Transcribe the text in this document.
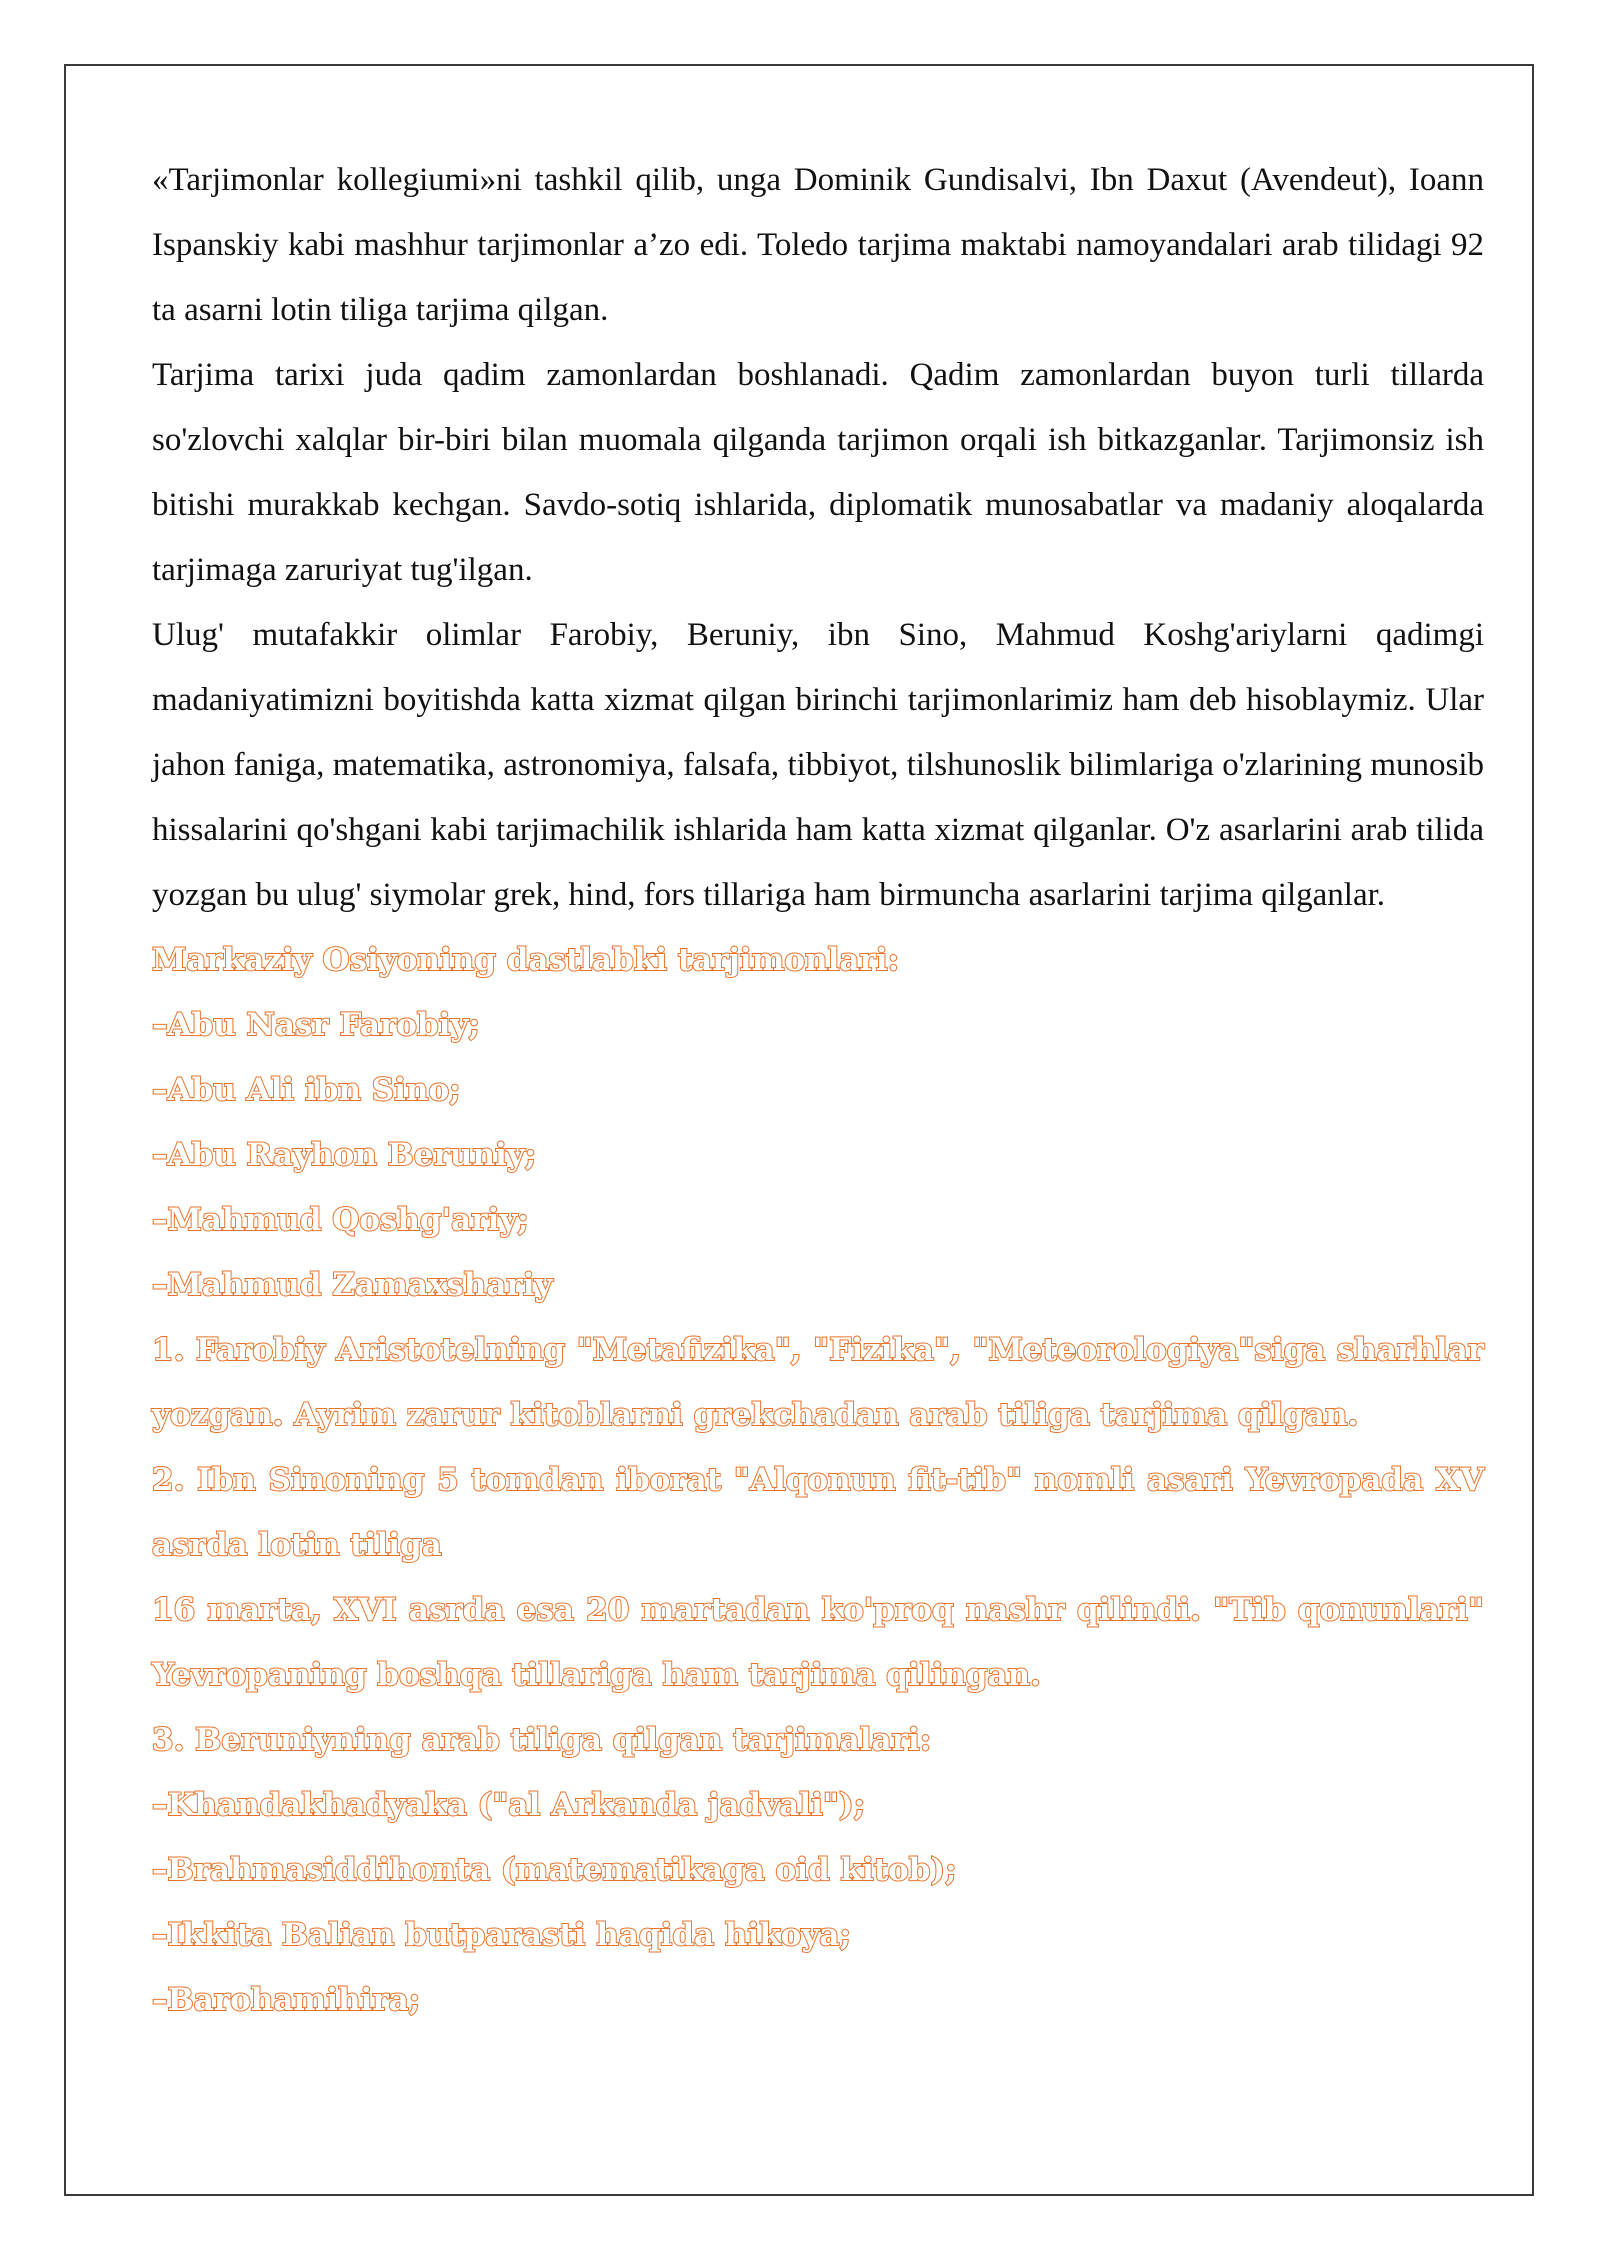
«Tarjimonlar kollegiumi»ni tashkil qilib, unga Dominik Gundisalvi, Ibn Daxut (Avendeut), Ioann Ispanskiy kabi mashhur tarjimonlar a’zo edi. Toledo tarjima maktabi namoyandalari arab tilidagi 92 ta asarni lotin tiliga tarjima qilgan.

Tarjima tarixi juda qadim zamonlardan boshlanadi. Qadim zamonlardan buyon turli tillarda so'zlovchi xalqlar bir-biri bilan muomala qilganda tarjimon orqali ish bitkazganlar. Tarjimonsiz ish bitishi murakkab kechgan. Savdo-sotiq ishlarida, diplomatik munosabatlar va madaniy aloqalarda tarjimaga zaruriyat tug'ilgan.

Ulug' mutafakkir olimlar Farobiy, Beruniy, ibn Sino, Mahmud Koshg'ariylarni qadimgi madaniyatimizni boyitishda katta xizmat qilgan birinchi tarjimonlarimiz ham deb hisoblaymiz. Ular jahon faniga, matematika, astronomiya, falsafa, tibbiyot, tilshunoslik bilimlariga o'zlarining munosib hissalarini qo'shgani kabi tarjimachilik ishlarida ham katta xizmat qilganlar. O'z asarlarini arab tilida yozgan bu ulug' siymolar grek, hind, fors tillariga ham birmuncha asarlarini tarjima qilganlar.

Markaziy Osiyoning dastlabki tarjimonlari:

–Abu Nasr Farobiy;

–Abu Ali ibn Sino;

–Abu Rayhon Beruniy;

–Mahmud Qoshg'ariy;

–Mahmud Zamaxshariy

1. Farobiy Aristotelning "Metafizika", "Fizika", "Meteorologiya"siga sharhlar yozgan. Ayrim zarur kitoblarni grekchadan arab tiliga tarjima qilgan.

2. Ibn Sinoning 5 tomdan iborat "Alqonun fit-tib" nomli asari Yevropada XV asrda lotin tiliga

16 marta, XVI asrda esa 20 martadan ko'proq nashr qilindi. "Tib qonunlari" Yevropaning boshqa tillariga ham tarjima qilingan.

3. Beruniyning arab tiliga qilgan tarjimalari:

–Khandakhadyaka ("al Arkanda jadvali");

–Brahmasiddihonta (matematikaga oid kitob);

–Ikkita Balian butparasti haqida hikoya;

–Barohamihira;
